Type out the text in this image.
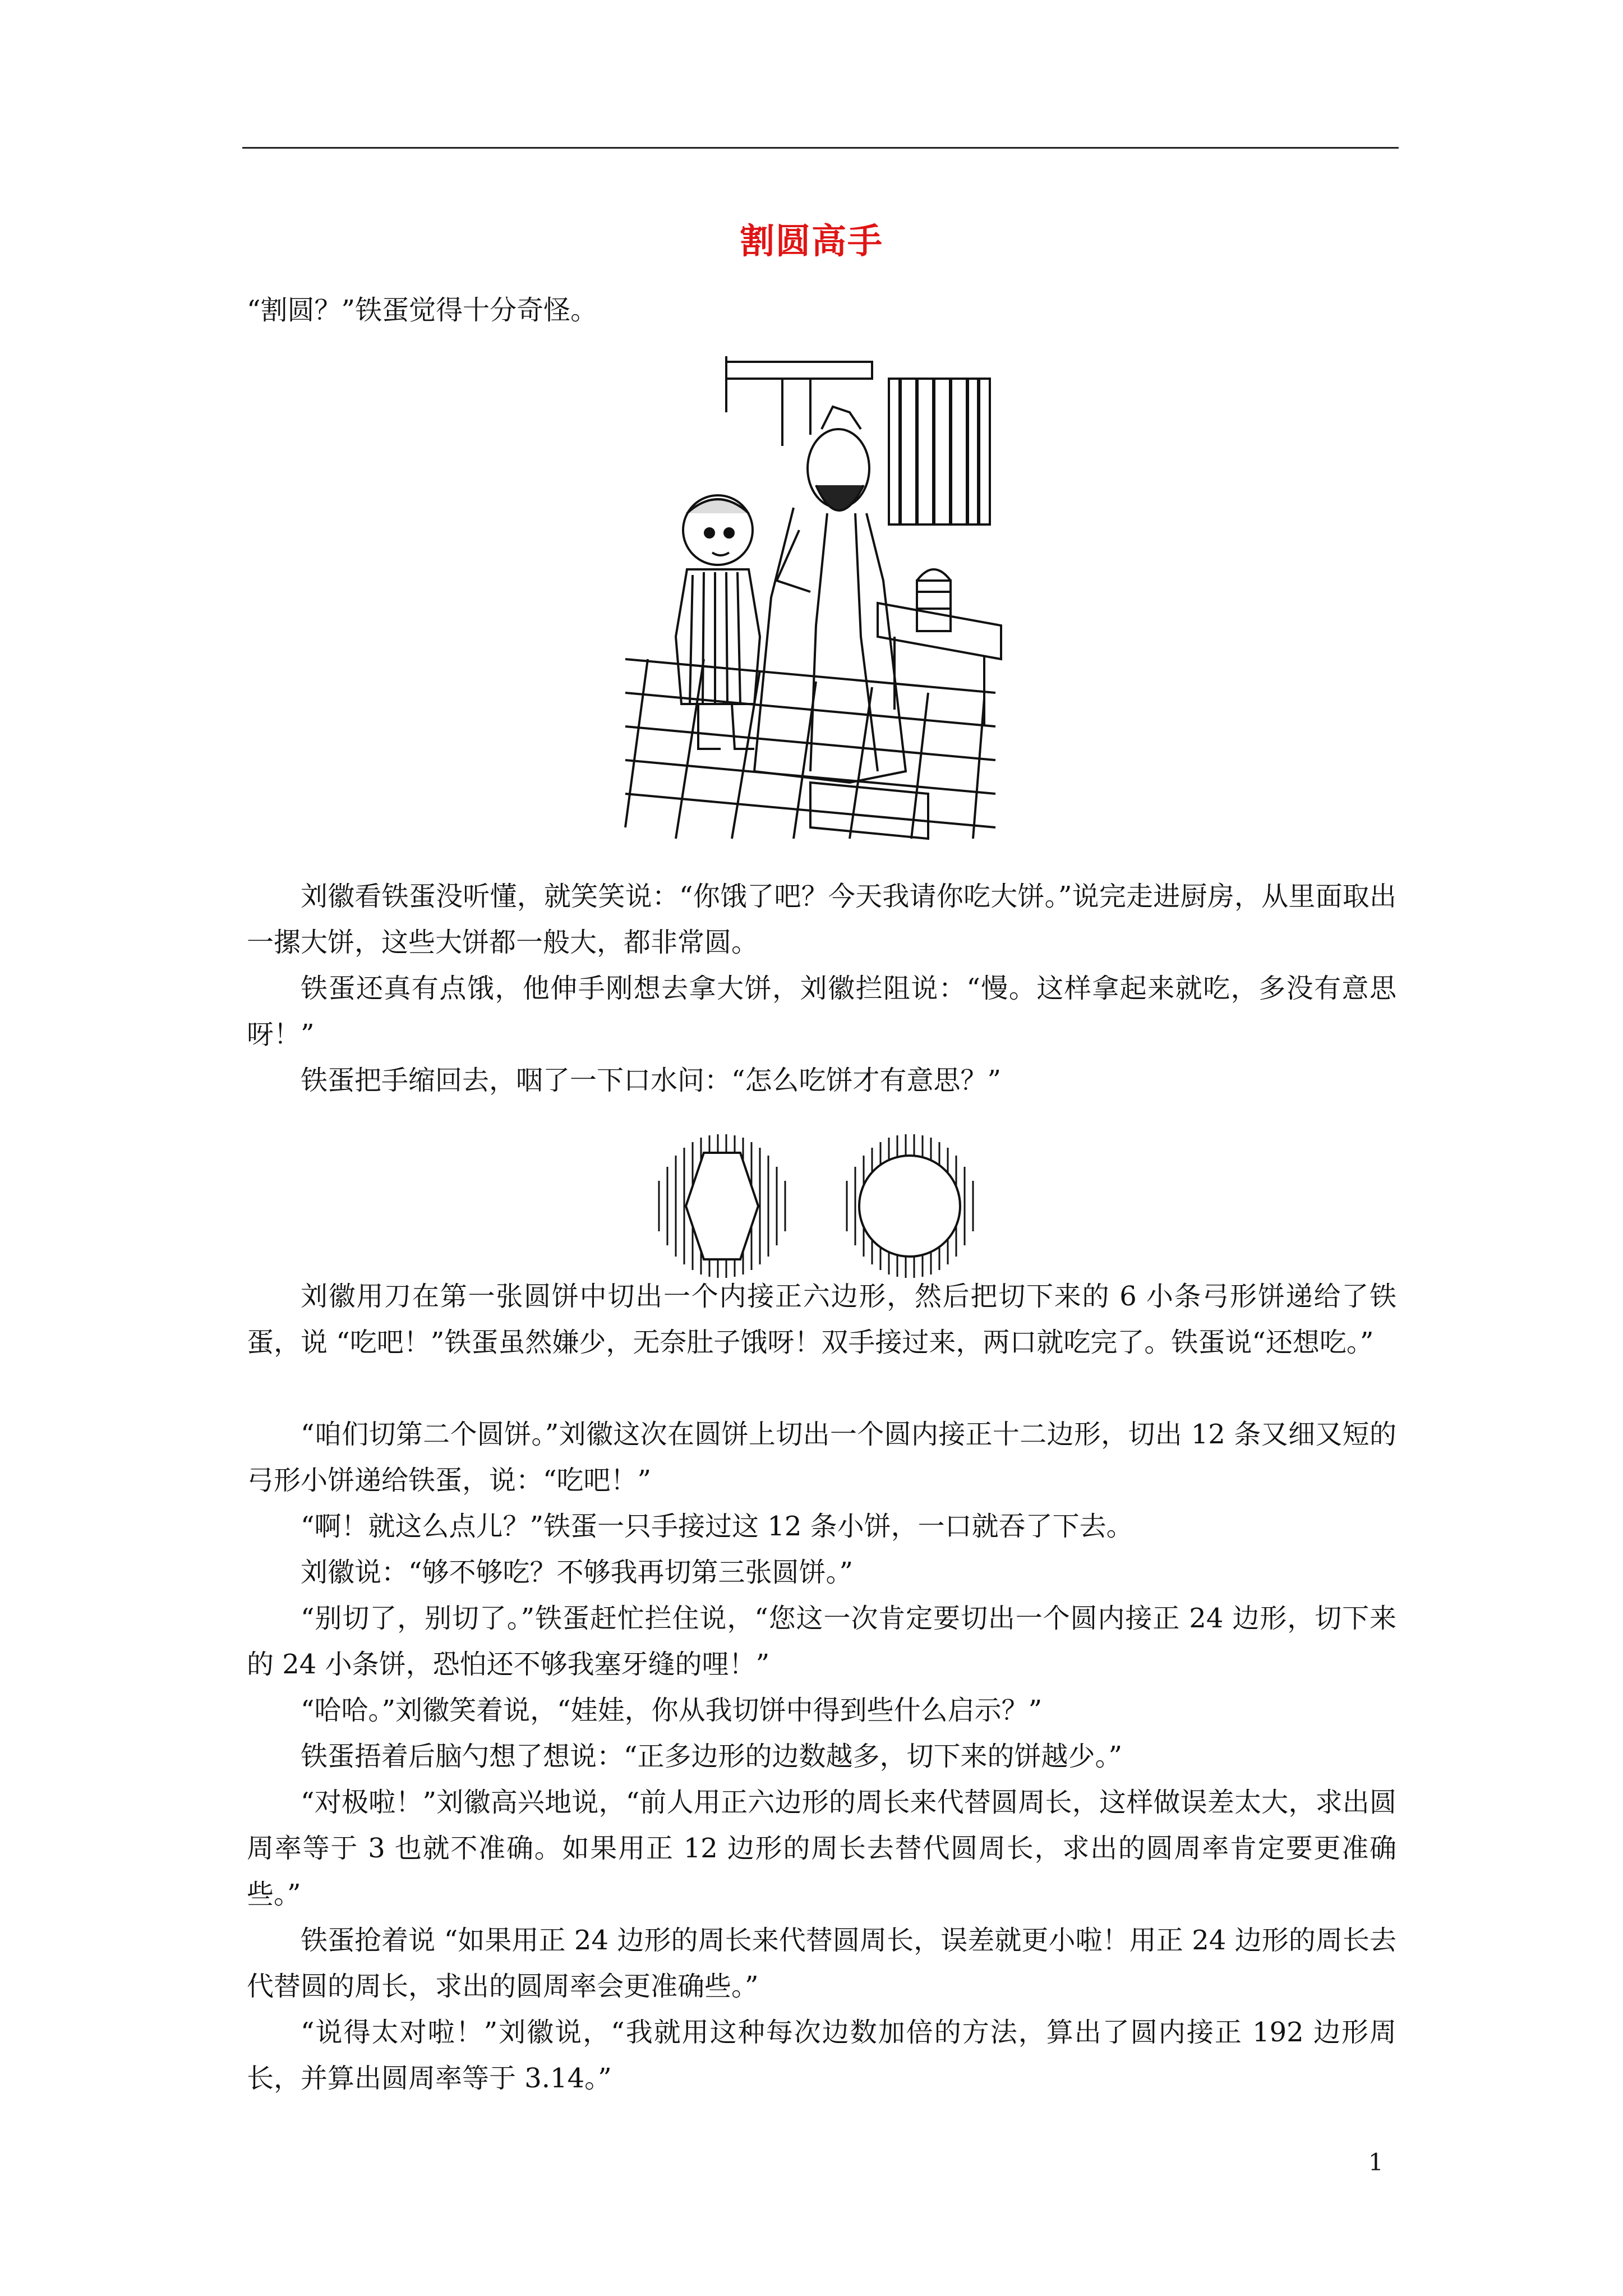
割圆高手

“割圆？”铁蛋觉得十分奇怪。

刘徽看铁蛋没听懂，就笑笑说：“你饿了吧？今天我请你吃大饼。”说完走进厨房，从里面取出一摞大饼，这些大饼都一般大，都非常圆。

铁蛋还真有点饿，他伸手刚想去拿大饼，刘徽拦阻说：“慢。这样拿起来就吃，多没有意思呀！”

铁蛋把手缩回去，咽了一下口水问：“怎么吃饼才有意思？”

刘徽用刀在第一张圆饼中切出一个内接正六边形，然后把切下来的 6 小条弓形饼递给了铁蛋，说 “吃吧！”铁蛋虽然嫌少，无奈肚子饿呀！双手接过来，两口就吃完了。铁蛋说“还想吃。”

“咱们切第二个圆饼。”刘徽这次在圆饼上切出一个圆内接正十二边形，切出 12 条又细又短的弓形小饼递给铁蛋，说：“吃吧！”

“啊！就这么点儿？”铁蛋一只手接过这 12 条小饼，一口就吞了下去。

刘徽说：“够不够吃？不够我再切第三张圆饼。”

“别切了，别切了。”铁蛋赶忙拦住说，“您这一次肯定要切出一个圆内接正 24 边形，切下来的 24 小条饼，恐怕还不够我塞牙缝的哩！”

“哈哈。”刘徽笑着说，“娃娃，你从我切饼中得到些什么启示？”

铁蛋捂着后脑勺想了想说：“正多边形的边数越多，切下来的饼越少。”

“对极啦！”刘徽高兴地说，“前人用正六边形的周长来代替圆周长，这样做误差太大，求出圆周率等于 3 也就不准确。如果用正 12 边形的周长去替代圆周长，求出的圆周率肯定要更准确些。”

铁蛋抢着说 “如果用正 24 边形的周长来代替圆周长，误差就更小啦！用正 24 边形的周长去代替圆的周长，求出的圆周率会更准确些。”

“说得太对啦！”刘徽说，“我就用这种每次边数加倍的方法，算出了圆内接正 192 边形周长，并算出圆周率等于 3.14。”

1
